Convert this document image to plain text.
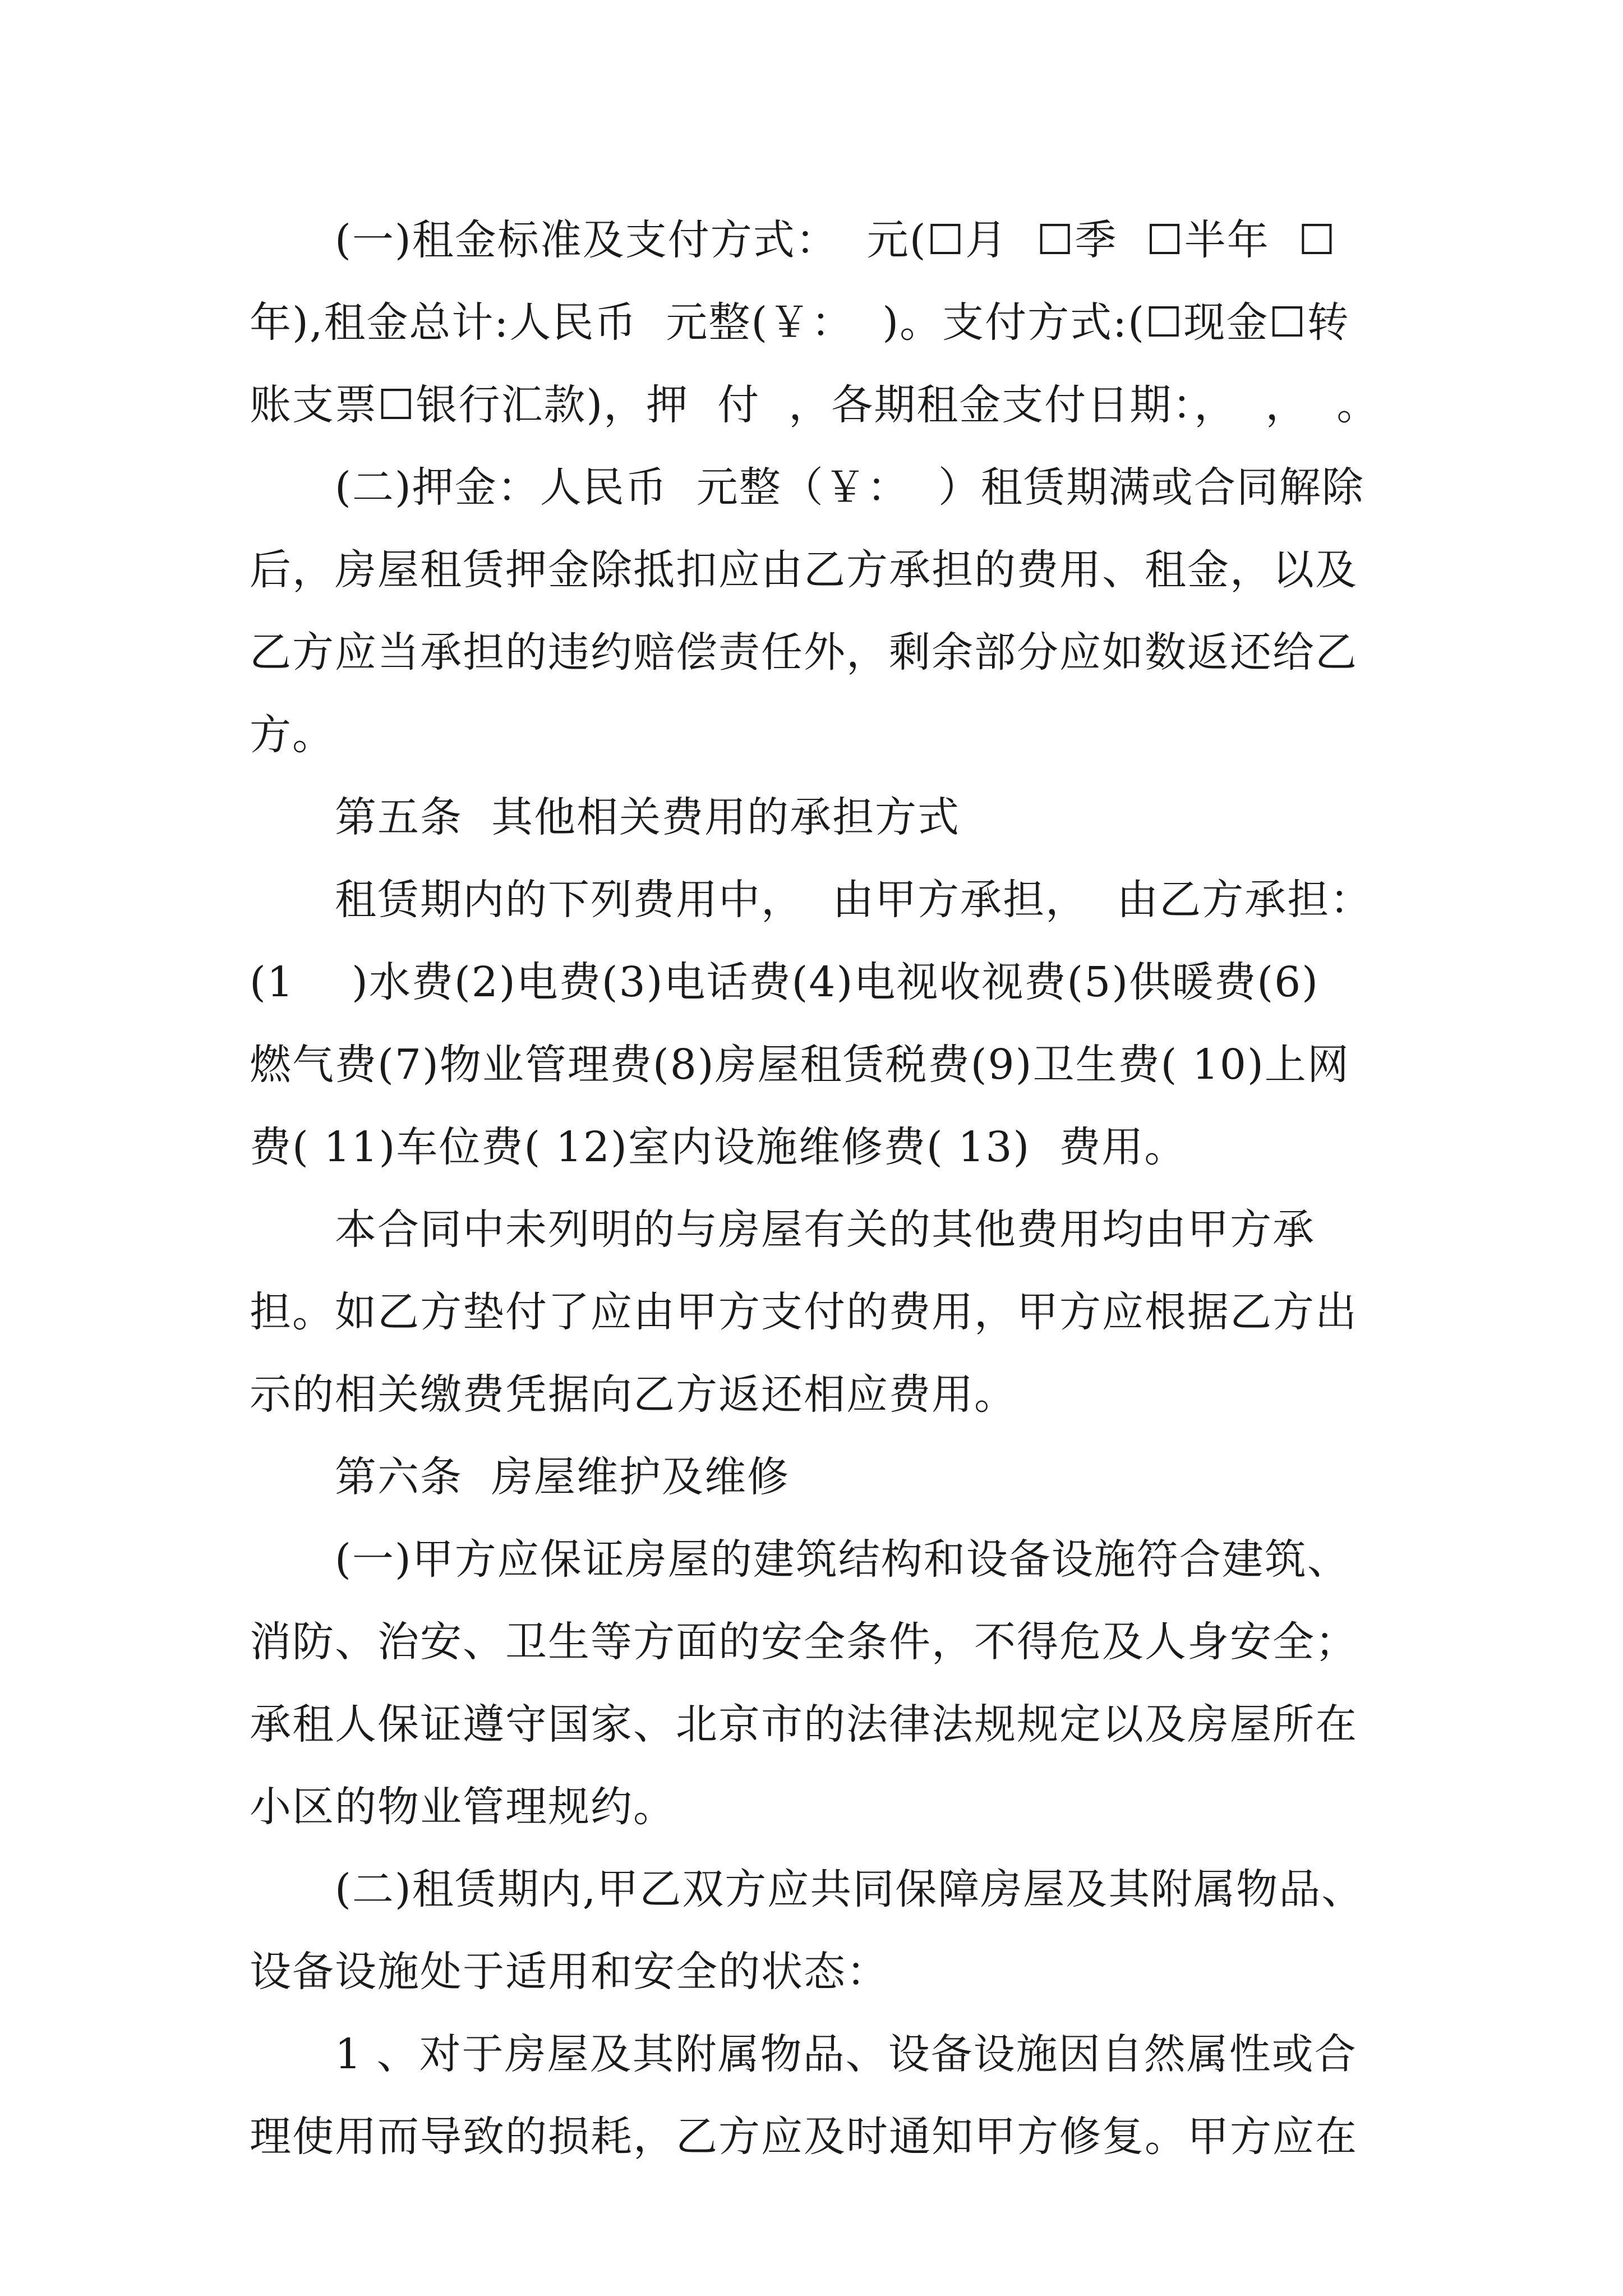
(一)租金标准及支付方式：  元(☐月  ☐季  ☐半年  ☐
年),租金总计:人民币  元整(￥：  )。支付方式:(☐现金☐转
账支票☐银行汇款)，押  付  ，各期租金支付日期：，  ，  。
(二)押金：人民币  元整（￥：  ）租赁期满或合同解除
后，房屋租赁押金除抵扣应由乙方承担的费用、租金，以及
乙方应当承担的违约赔偿责任外，剩余部分应如数返还给乙
方。
第五条  其他相关费用的承担方式
租赁期内的下列费用中，  由甲方承担，  由乙方承担：
(1    )水费(2)电费(3)电话费(4)电视收视费(5)供暖费(6)
燃气费(7)物业管理费(8)房屋租赁税费(9)卫生费( 10)上网
费( 11)车位费( 12)室内设施维修费( 13)  费用。
本合同中未列明的与房屋有关的其他费用均由甲方承
担。如乙方垫付了应由甲方支付的费用，甲方应根据乙方出
示的相关缴费凭据向乙方返还相应费用。
第六条  房屋维护及维修
(一)甲方应保证房屋的建筑结构和设备设施符合建筑、
消防、治安、卫生等方面的安全条件，不得危及人身安全；
承租人保证遵守国家、北京市的法律法规规定以及房屋所在
小区的物业管理规约。
(二)租赁期内,甲乙双方应共同保障房屋及其附属物品、
设备设施处于适用和安全的状态：
1 、对于房屋及其附属物品、设备设施因自然属性或合
理使用而导致的损耗，乙方应及时通知甲方修复。甲方应在
